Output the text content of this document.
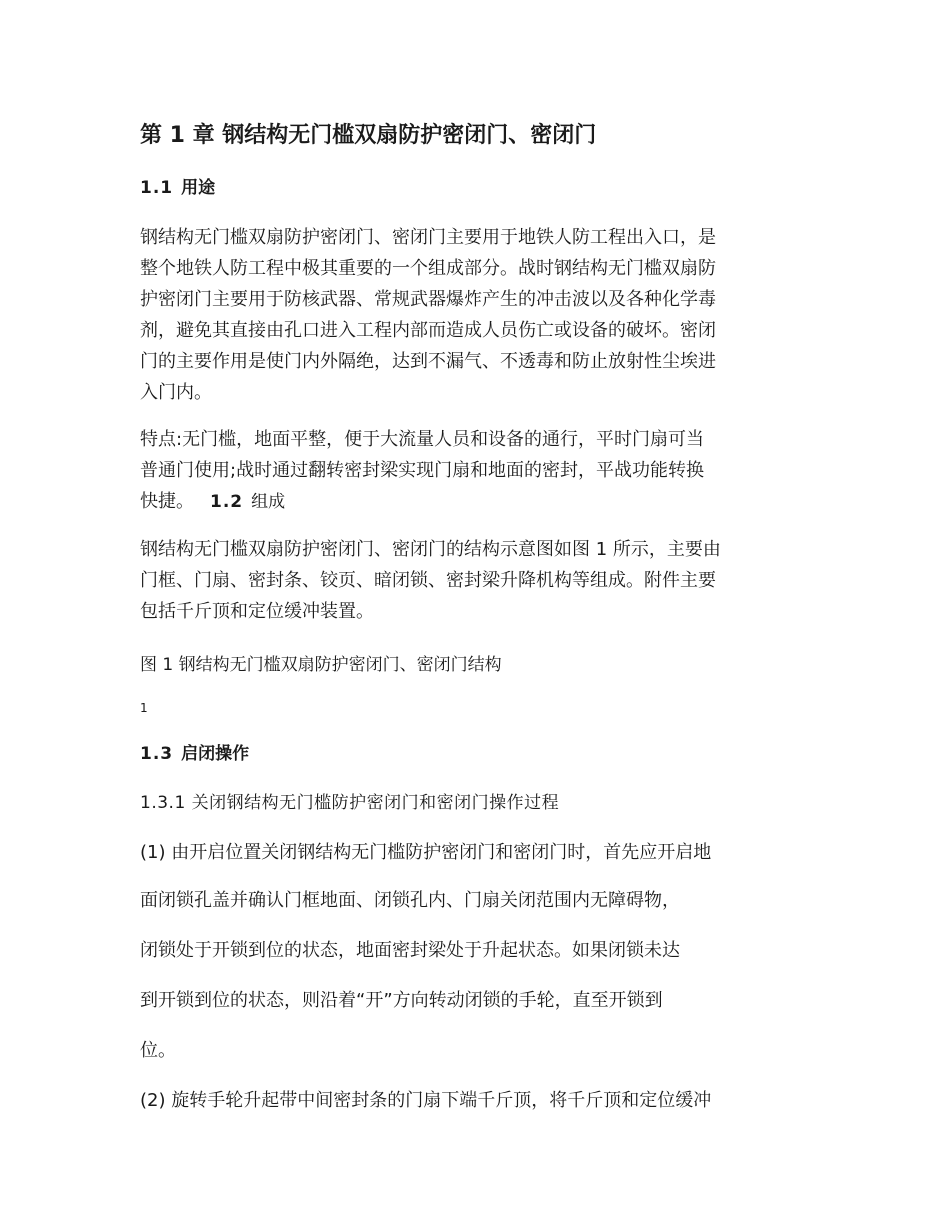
第 1 章 钢结构无门槛双扇防护密闭门、密闭门
1.1 用途

钢结构无门槛双扇防护密闭门、密闭门主要用于地铁人防工程出入口，是
整个地铁人防工程中极其重要的一个组成部分。战时钢结构无门槛双扇防
护密闭门主要用于防核武器、常规武器爆炸产生的冲击波以及各种化学毒
剂，避免其直接由孔口进入工程内部而造成人员伤亡或设备的破坏。密闭
门的主要作用是使门内外隔绝，达到不漏气、不透毒和防止放射性尘埃进
入门内。

特点:无门槛，地面平整，便于大流量人员和设备的通行，平时门扇可当
普通门使用;战时通过翻转密封梁实现门扇和地面的密封，平战功能转换
快捷。 1.2 组成

钢结构无门槛双扇防护密闭门、密闭门的结构示意图如图 1 所示，主要由
门框、门扇、密封条、铰页、暗闭锁、密封梁升降机构等组成。附件主要
包括千斤顶和定位缓冲装置。

图 1 钢结构无门槛双扇防护密闭门、密闭门结构

1

1.3 启闭操作
1.3.1 关闭钢结构无门槛防护密闭门和密闭门操作过程

(1) 由开启位置关闭钢结构无门槛防护密闭门和密闭门时，首先应开启地

面闭锁孔盖并确认门框地面、闭锁孔内、门扇关闭范围内无障碍物，

闭锁处于开锁到位的状态，地面密封梁处于升起状态。如果闭锁未达

到开锁到位的状态，则沿着“开”方向转动闭锁的手轮，直至开锁到

位。

(2) 旋转手轮升起带中间密封条的门扇下端千斤顶，将千斤顶和定位缓冲
